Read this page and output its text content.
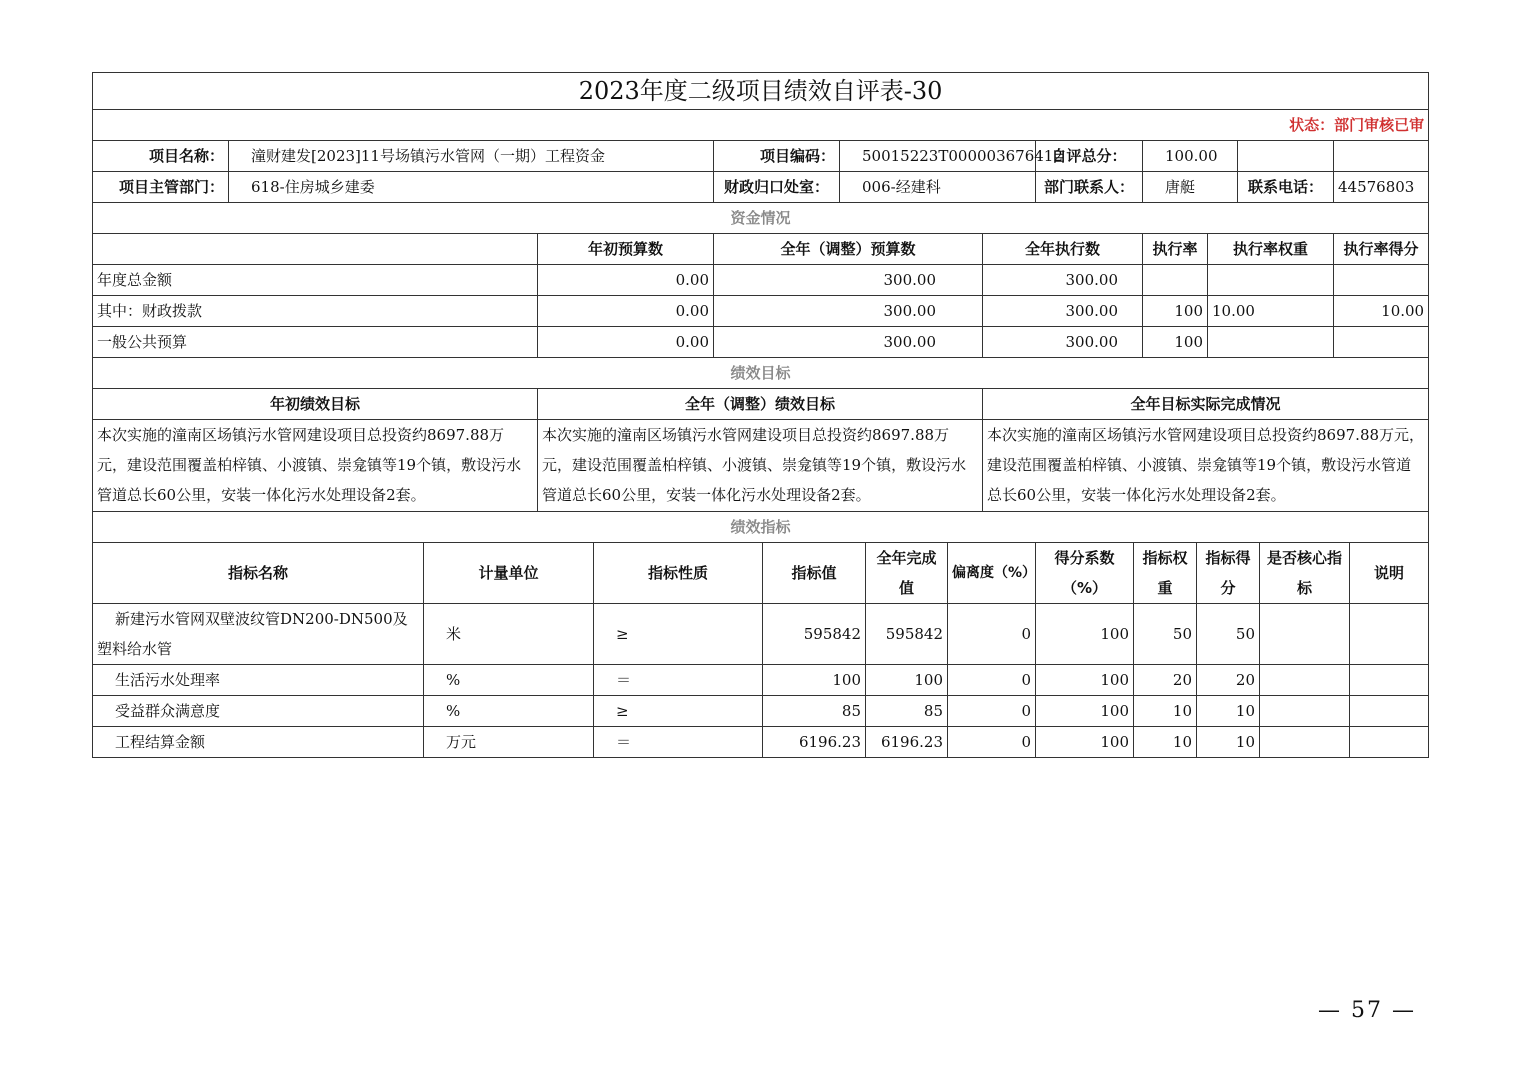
2023年度二级项目绩效自评表-30										
状态：部门审核已审										
项目名称：	潼财建发[2023]11号场镇污水管网（一期）工程资金		项目编码：	50015223T000003676412		自评总分：	100.00			
项目主管部门：	618-住房城乡建委		财政归口处室：	006-经建科		部门联系人：	唐艇		联系电话：	44576803
资金情况										
		年初预算数	全年（调整）预算数		全年执行数		执行率	执行率权重		执行率得分
年度总金额		0.00	300.00		300.00					
其中：财政拨款		0.00	300.00		300.00		100	10.00		10.00
一般公共预算		0.00	300.00		300.00		100			
绩效目标										
年初绩效目标		全年（调整）绩效目标			全年目标实际完成情况					
本次实施的潼南区场镇污水管网建设项目总投资约8697.88万元，建设范围覆盖柏梓镇、小渡镇、崇龛镇等19个镇，敷设污水管道总长60公里，安装一体化污水处理设备2套。		本次实施的潼南区场镇污水管网建设项目总投资约8697.88万元，建设范围覆盖柏梓镇、小渡镇、崇龛镇等19个镇，敷设污水管道总长60公里，安装一体化污水处理设备2套。			本次实施的潼南区场镇污水管网建设项目总投资约8697.88万元，建设范围覆盖柏梓镇、小渡镇、崇龛镇等19个镇，敷设污水管道总长60公里，安装一体化污水处理设备2套。					
绩效指标										
指标名称	计量单位	指标性质	指标值	全年完成值	偏离度（%）	得分系数（%）	指标权重	指标得分	是否核心指标	说明
新建污水管网双壁波纹管DN200-DN500及塑料给水管	米	≥	595842	595842	0	100	50	50		
生活污水处理率	%	＝	100	100	0	100	20	20		
受益群众满意度	%	≥	85	85	0	100	10	10		
工程结算金额	万元	＝	6196.23	6196.23	0	100	10	10		
— 57 —
